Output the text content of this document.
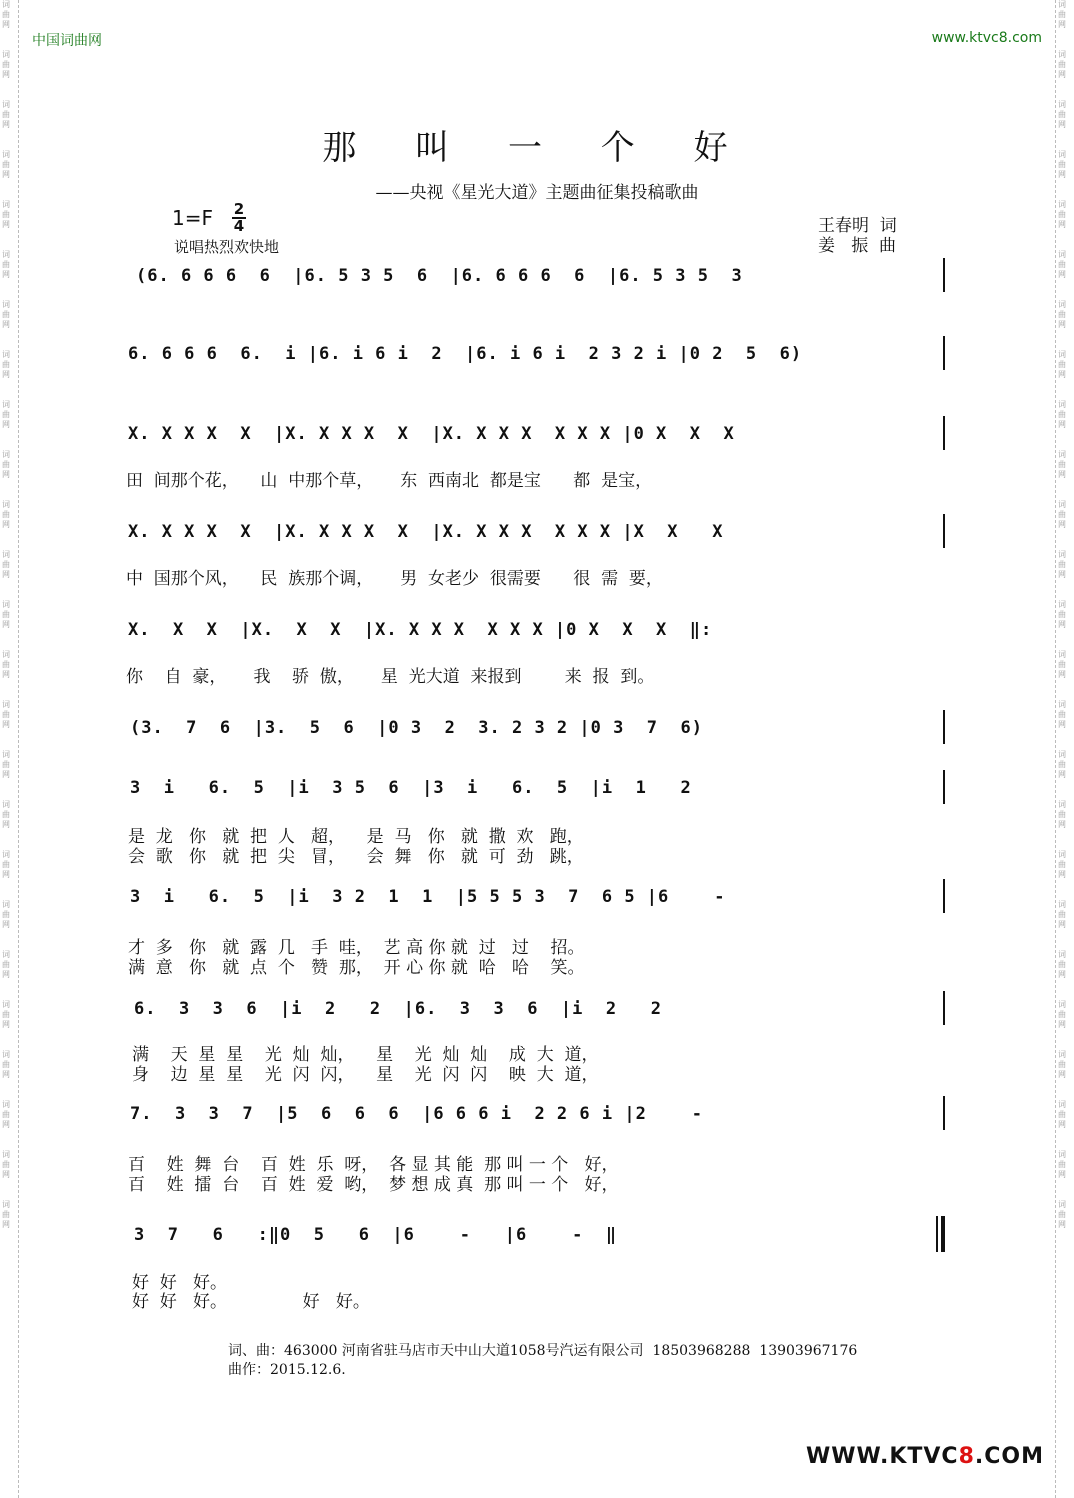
词
曲
网

词
曲
网

词
曲
网

词
曲
网

词
曲
网

词
曲
网

词
曲
网

词
曲
网

词
曲
网

词
曲
网

词
曲
网

词
曲
网

词
曲
网

词
曲
网

词
曲
网

词
曲
网

词
曲
网

词
曲
网

词
曲
网

词
曲
网

词
曲
网

词
曲
网

词
曲
网

词
曲
网

词
曲
网
词
曲
网

词
曲
网

词
曲
网

词
曲
网

词
曲
网

词
曲
网

词
曲
网

词
曲
网

词
曲
网

词
曲
网

词
曲
网

词
曲
网

词
曲
网

词
曲
网

词
曲
网

词
曲
网

词
曲
网

词
曲
网

词
曲
网

词
曲
网

词
曲
网

词
曲
网

词
曲
网

词
曲
网

词
曲
网
中国词曲网	www.ktvc8.com
那 叫 一 个 好
——央视《星光大道》主题曲征集投稿歌曲
1=F 2
4
说唱热烈欢快地
王春明  词
姜   振  曲
(6. 6 6 6  6  |6. 5 3 5  6  |6. 6 6 6  6  |6. 5 3 5  3
6. 6 6 6  6.  i |6. i 6 i  2  |6. i 6 i  2 3 2 i |0 2  5  6)
X. X X X  X  |X. X X X  X  |X. X X X  X X X |0 X  X  X
田  间那个花，    山  中那个草，     东  西南北  都是宝      都  是宝，
X. X X X  X  |X. X X X  X  |X. X X X  X X X |X  X   X
中  国那个风，    民  族那个调，     男  女老少  很需要      很  需  要，
X.  X  X  |X.  X  X  |X. X X X  X X X |0 X  X  X  ‖:
你    自  豪，     我    骄  傲，     星  光大道  来报到        来  报  到。
(3.  7  6  |3.  5  6  |0 3  2  3. 2 3 2 |0 3  7  6)
3  i   6.  5  |i  3 5  6  |3  i   6.  5  |i  1   2
是  龙   你   就  把  人   超，    是  马   你   就  撒  欢   跑，
会  歌   你   就  把  尖   冒，    会  舞   你   就  可  劲   跳，
3  i   6.  5  |i  3 2  1  1  |5 5 5 3  7  6 5 |6    -
才  多   你   就  露  几   手  哇，  艺 高 你 就  过   过    招。
满  意   你   就  点  个   赞  那，  开 心 你 就  哈   哈    笑。
6.  3  3  6  |i  2   2  |6.  3  3  6  |i  2   2
满    天  星  星    光  灿  灿，    星    光  灿  灿    成  大  道，
身    边  星  星    光  闪  闪，    星    光  闪  闪    映  大  道，
7.  3  3  7  |5  6  6  6  |6 6 6 i  2 2 6 i |2    -
百    姓  舞  台    百  姓  乐  呀，  各 显 其 能  那 叫 一 个   好，
百    姓  擂  台    百  姓  爱  哟，  梦 想 成 真  那 叫 一 个   好，
3  7   6   :‖0  5   6  |6    -   |6    -  ‖
好  好   好。
好  好   好。              好   好。
词、曲：463000 河南省驻马店市天中山大道1058号汽运有限公司  18503968288  13903967176
曲作：2015.12.6.
WWW.KTVC8.COM
